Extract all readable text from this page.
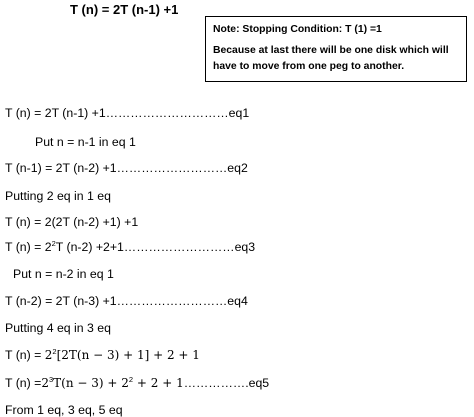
T (n) = 2T (n-1) +1
Note: Stopping Condition: T (1) =1
Because at last there will be one disk which will have to move from one peg to another.
T (n) = 2T (n-1) +1…………………………eq1
Put n = n-1 in eq 1
T (n-1) = 2T (n-2) +1………………………eq2
Putting 2 eq in 1 eq
T (n) = 2(2T (n-2) +1) +1
T $(n) = 2^2T$ (n-2) +2+1………………………eq3
Put n = n-2 in eq 1
T (n-2) = 2T (n-3) +1………………………eq4
Putting 4 eq in 3 eq
T $(n) = 2^2[2T(n - 3) + 1] + 2 + 1$
T $(n) =2^3T(n - 3) + 2^2 + 2$ + 1…………….eq5
From 1 eq, 3 eq, 5 eq
